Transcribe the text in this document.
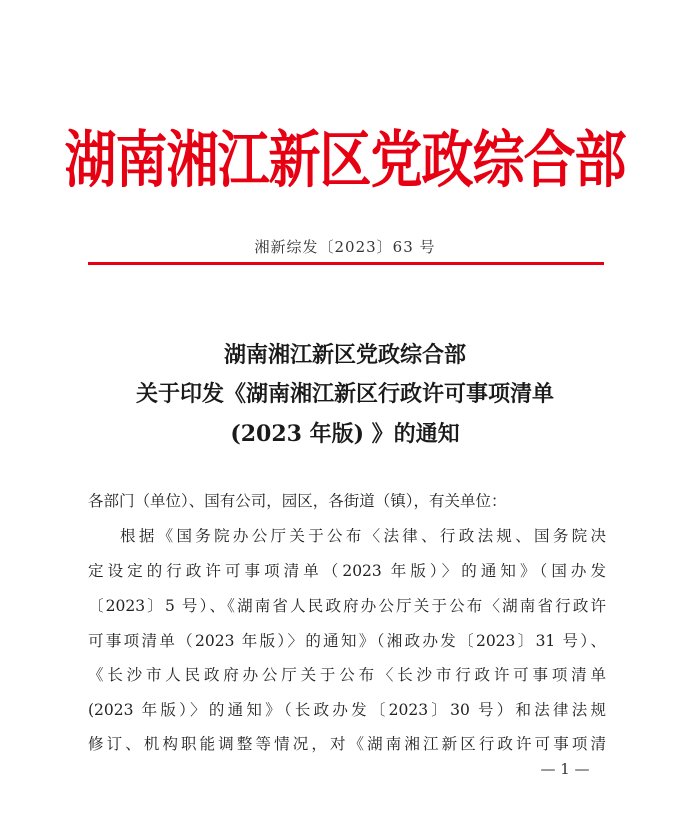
湖南湘江新区党政综合部
湘新综发〔2023〕63 号
湖南湘江新区党政综合部
关于印发《湖南湘江新区行政许可事项清单
(2023 年版) 》的通知
各部门（单位）、国有公司，园区，各街道（镇），有关单位：
根据《国务院办公厅关于公布〈法律、行政法规、国务院决
定设定的行政许可事项清单（2023 年版）〉的通知》（国办发
〔2023〕5 号）、《湖南省人民政府办公厅关于公布〈湖南省行政许
可事项清单（2023 年版）〉的通知》（湘政办发〔2023〕31 号）、
《长沙市人民政府办公厅关于公布〈长沙市行政许可事项清单
(2023 年版）〉的通知》（长政办发〔2023〕30 号）和法律法规
修订、机构职能调整等情况，对《湖南湘江新区行政许可事项清
— 1 —
